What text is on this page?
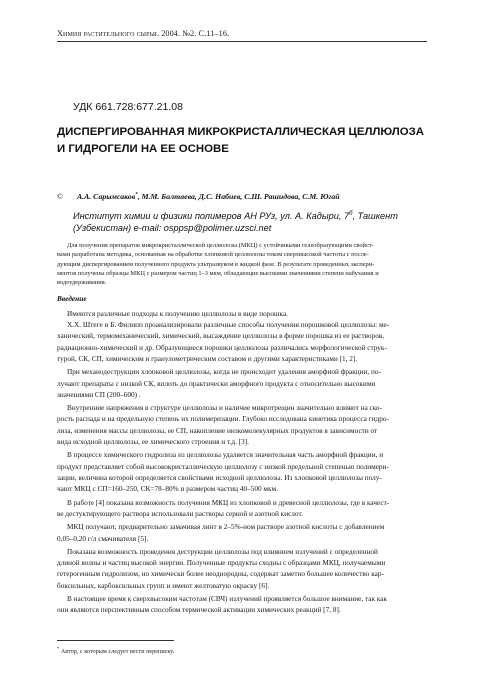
Химия растительного сырья. 2004. №2. С.11–16.
УДК 661.728:677.21.08
ДИСПЕРГИРОВАННАЯ МИКРОКРИСТАЛЛИЧЕСКАЯ ЦЕЛЛЮЛОЗА
И ГИДРОГЕЛИ НА ЕЕ ОСНОВЕ
© А.А. Сарымсаков*, М.М. Балтаева, Д.С. Набиев, С.Ш. Рашидова, С.М. Югай
Институт химии и физики полимеров АН РУз, ул. А. Кадыри, $7^б$, Ташкент
(Узбекистан) e-mail: osppsp@polimer.uzsci.net
Для получения препаратов микрокристаллической целлюлозы (МКЦ) с устойчивыми гелеобразующими свойст-
вами разработана методика, основанная на обработке хлопковой целлюлозы током сверхвысокой частоты с после-
дующим диспергированием полученного продукта ультразвуком в жидкой фазе. В результате проведенных экспери-
ментов получены образцы МКЦ с размером частиц 1–3 мкм, обладающие высокими значениями степени набухания и
водоудерживания.
Введение
Имеются различные подходы к получению целлюлозы в виде порошка.
Х.Х. Штеге и Б. Филипп проанализировали различные способы получения порошковой целлюлозы: ме-
ханический, термомеханический, химический, высаждение целлюлозы в форме порошка из ее растворов,
радиационно-химический и др. Образующиеся порошки целлюлозы различались морфологической струк-
турой, СК, СП, химическим и гранулометрическим составом и другими характеристиками [1, 2].
При механодеструкции хлопковой целлюлозы, когда не происходит удаления аморфной фракции, по-
лучают препараты с низкой СК, вплоть до практически аморфного продукта с относительно высокими
значениями СП (200–600) .
Внутренние напряжения в структуре целлюлозы и наличие микротрещин значительно влияют на ско-
рость распада и на предельную степень их полимеризации. Глубоко исследована кинетика процесса гидро-
лиза, изменения массы целлюлозы, ее СП, накопление низкомолекулярных продуктов в зависимости от
вида исходной целлюлозы, ее химического строения и т.д. [3].
В процессе химического гидролиза из целлюлозы удаляется значительная часть аморфной фракции, и
продукт представляет собой высококристаллическую целлюлозу с низкой предельной степенью полимери-
зации, величина которой определяется свойствами исходной целлюлозы. Из хлопковой целлюлозы полу-
чают МКЦ с СП=160–250, СК=78–80% и размером частиц 40–500 мкм.
В работе [4] показана возможность получения МКЦ из хлопковой и древесной целлюлозы, где в качест-
ве дестуктирующего раствора использовали растворы серной и азотной кислот.
МКЦ получают, предварительно замачивая линт в 2–5%-ном растворе азотной кислоты с добавлением
0,05–0,20 г/л смачивателя [5].
Показана возможность проведения деструкции целлюлозы под влиянием излучений с определенной
длиной волны и частиц высокой энергии. Полученные продукты сходны с образцами МКЦ, получаемыми
гетерогенным гидролизом, но химически более неоднородны, содержат заметно большее количество кар-
боксильных, карбоксильных групп и имеют желтоватую окраску [6].
В настоящее время к сверхвысоким частотам (СВЧ) излучений проявляется большое внимание, так как
они являются перспективным способом термической активации химических реакций [7, 8].
* Автор, с которым следует вести переписку.
